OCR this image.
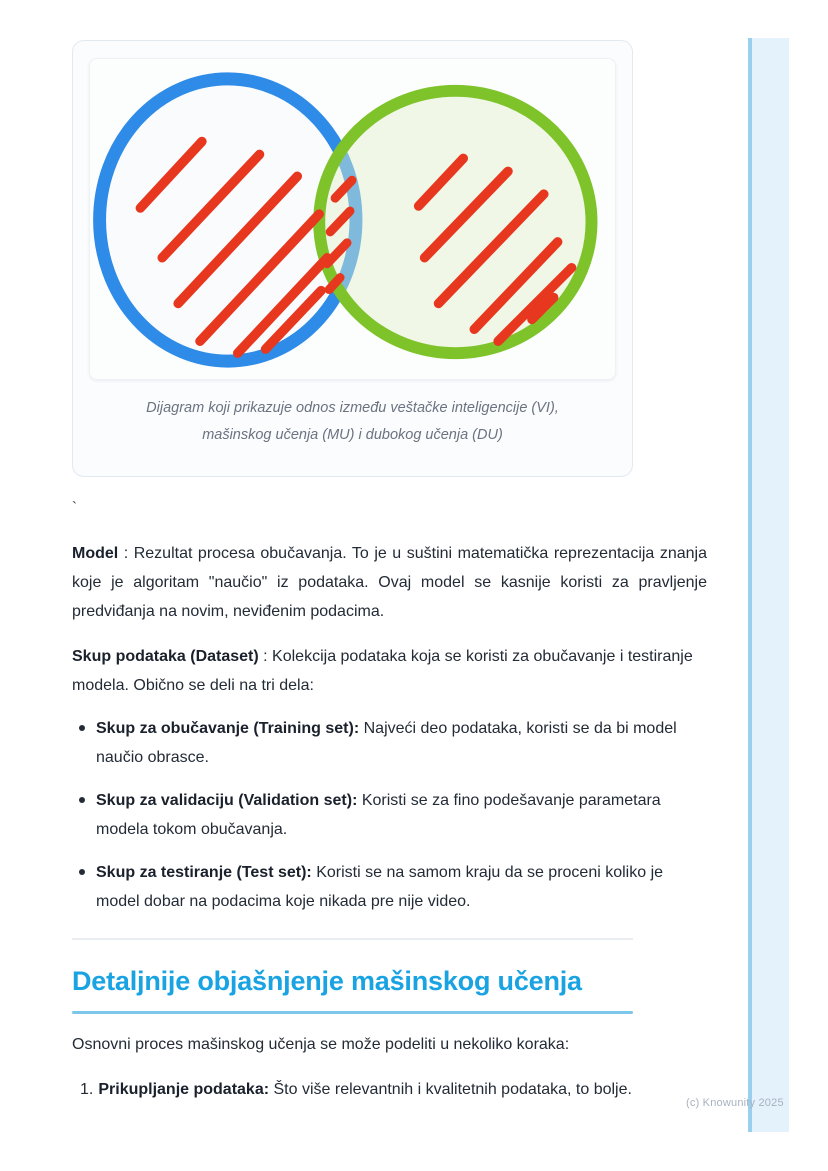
Dijagram koji prikazuje odnos između veštačke inteligencije (VI), mašinskog učenja (MU) i dubokog učenja (DU)
`

Model : Rezultat procesa obučavanja. To je u suštini matematička reprezentacija znanja koje je algoritam "naučio" iz podataka. Ovaj model se kasnije koristi za pravljenje predviđanja na novim, neviđenim podacima.

Skup podataka (Dataset) : Kolekcija podataka koja se koristi za obučavanje i testiranje modela. Obično se deli na tri dela:

Skup za obučavanje (Training set): Najveći deo podataka, koristi se da bi model naučio obrasce.
Skup za validaciju (Validation set): Koristi se za fino podešavanje parametara modela tokom obučavanja.
Skup za testiranje (Test set): Koristi se na samom kraju da se proceni koliko je model dobar na podacima koje nikada pre nije video.
Detaljnije objašnjenje mašinskog učenja

Osnovni proces mašinskog učenja se može podeliti u nekoliko koraka:

1. Prikupljanje podataka: Što više relevantnih i kvalitetnih podataka, to bolje.
(c) Knowunity 2025
